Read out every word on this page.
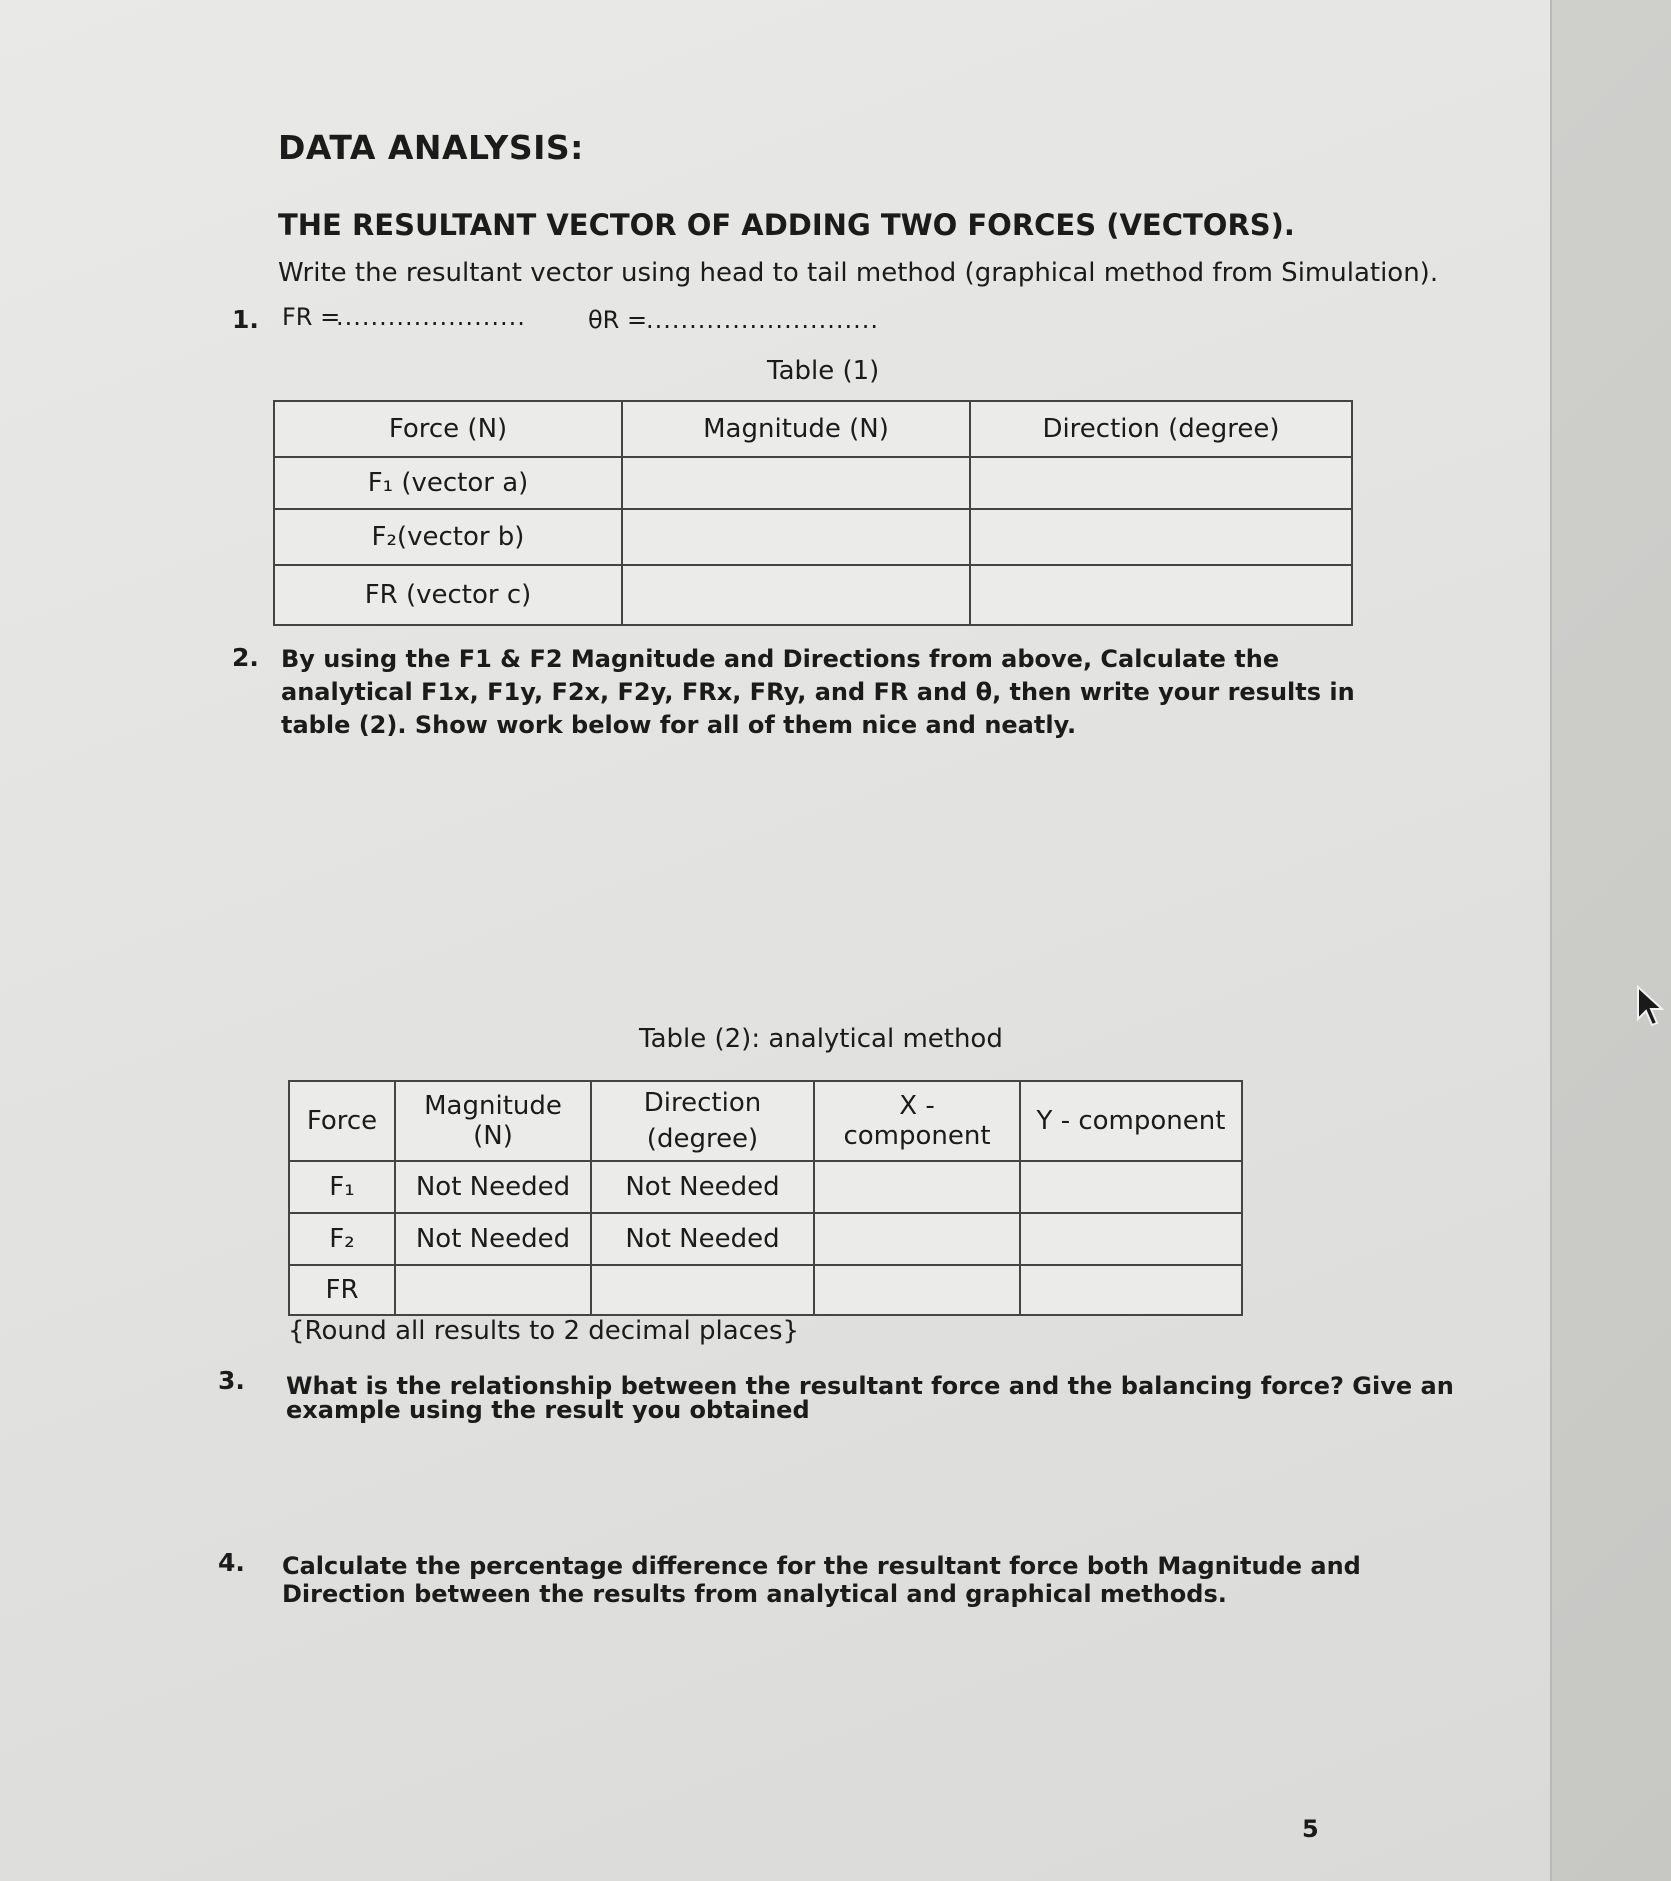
DATA ANALYSIS:
THE RESULTANT VECTOR OF ADDING TWO FORCES (VECTORS).
Write the resultant vector using head to tail method (graphical method from Simulation).
1. FR =
......................	θR =
...........................
Table (1)
Force (N)	Magnitude (N)	Direction (degree)
F₁ (vector a)		
F₂(vector b)		
FR (vector c)		
2. By using the F1 & F2 Magnitude and Directions from above, Calculate the
analytical F1x, F1y, F2x, F2y, FRx, FRy, and FR and θ, then write your results in
table (2). Show work below for all of them nice and neatly.
Table (2): analytical method
Force	Magnitude (N)	Direction (degree)	X - component	Y - component
F₁	Not Needed	Not Needed		
F₂	Not Needed	Not Needed		
FR				
{Round all results to 2 decimal places}
3. What is the relationship between the resultant force and the balancing force? Give an
example using the result you obtained
4. Calculate the percentage difference for the resultant force both Magnitude and
Direction between the results from analytical and graphical methods.
5
